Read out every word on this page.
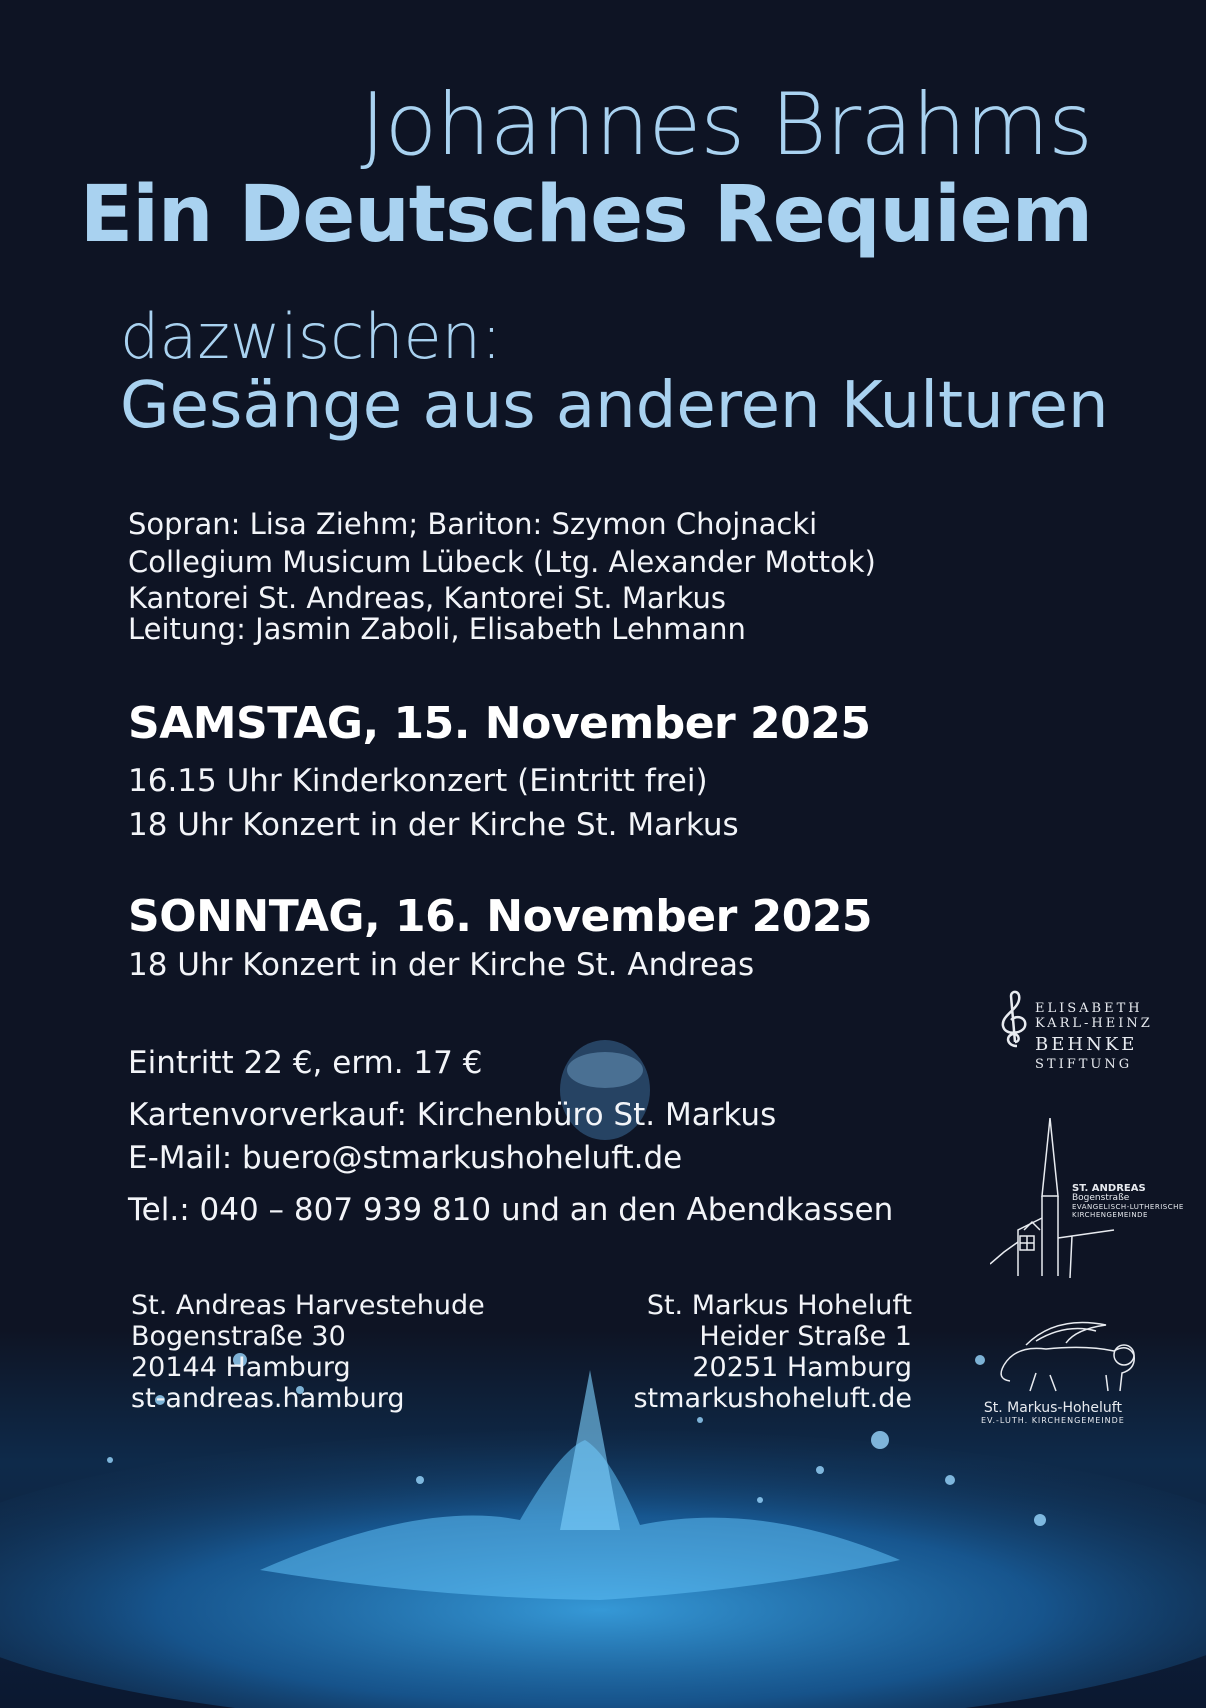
Johannes Brahms
Ein Deutsches Requiem
dazwischen:
Gesänge aus anderen Kulturen
Sopran: Lisa Ziehm; Bariton: Szymon Chojnacki
Collegium Musicum Lübeck (Ltg. Alexander Mottok)
Kantorei St. Andreas, Kantorei St. Markus
Leitung: Jasmin Zaboli, Elisabeth Lehmann
SAMSTAG, 15. November 2025
16.15 Uhr Kinderkonzert (Eintritt frei)
18 Uhr Konzert in der Kirche St. Markus
SONNTAG, 16. November 2025
18 Uhr Konzert in der Kirche St. Andreas
Eintritt 22 €, erm. 17 €
Kartenvorverkauf: Kirchenbüro St. Markus
E-Mail: buero@stmarkushoheluft.de
Tel.: 040 – 807 939 810 und an den Abendkassen
St. Andreas Harvestehude
Bogenstraße 30
20144 Hamburg
st-andreas.hamburg
St. Markus Hoheluft
Heider Straße 1
20251 Hamburg
stmarkushoheluft.de
ELISABETH
KARL-HEINZ
BEHNKE
STIFTUNG
ST. ANDREAS
Bogenstraße
EVANGELISCH-LUTHERISCHE
KIRCHENGEMEINDE
St. Markus-Hoheluft
EV.-LUTH. KIRCHENGEMEINDE
